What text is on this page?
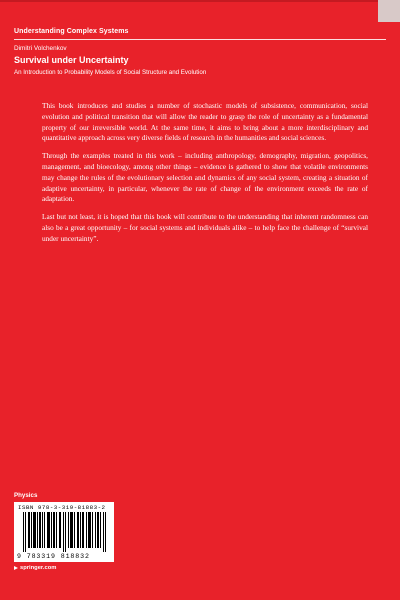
Understanding Complex Systems
Dimitri Volchenkov
Survival under Uncertainty
An Introduction to Probability Models of Social Structure and Evolution

This book introduces and studies a number of stochastic models of subsistence, communication, social evolution and political transition that will allow the reader to grasp the role of uncertainty as a fundamental property of our irreversible world. At the same time, it aims to bring about a more interdisciplinary and quantitative approach across very diverse fields of research in the humanities and social sciences.

Through the examples treated in this work – including anthropology, demography, migration, geopolitics, management, and bioecology, among other things – evidence is gathered to show that volatile environments may change the rules of the evolutionary selection and dynamics of any social system, creating a situation of adaptive uncertainty, in particular, whenever the rate of change of the environment exceeds the rate of adaptation.

Last but not least, it is hoped that this book will contribute to the understanding that inherent randomness can also be a great opportunity – for social systems and individuals alike – to help face the challenge of “survival under uncertainty”.

Physics
ISBN 978-3-319-81883-2
9 783319 818832
springer.com
